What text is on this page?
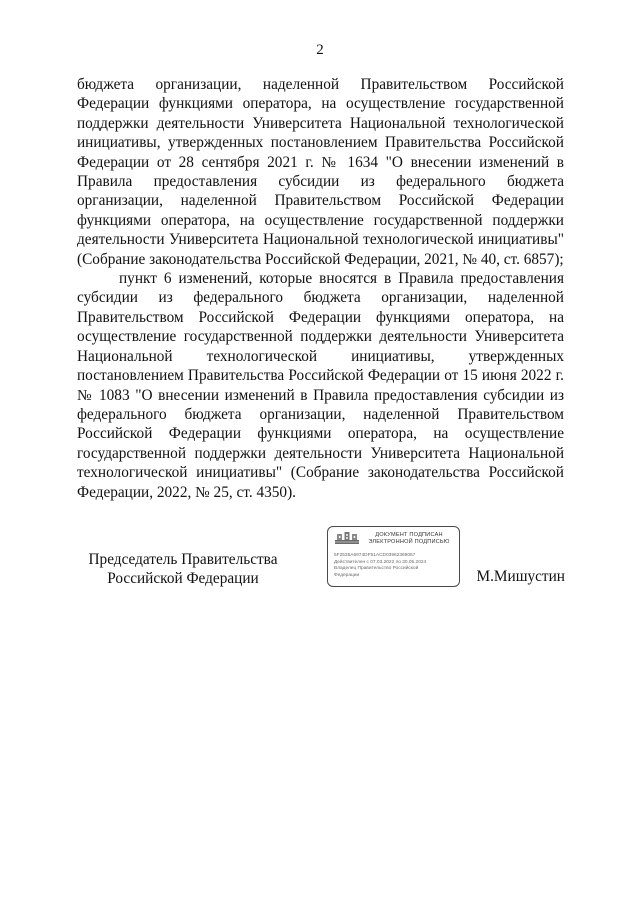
2

бюджета организации, наделенной Правительством Российской Федерации функциями оператора, на осуществление государственной поддержки деятельности Университета Национальной технологической инициативы, утвержденных постановлением Правительства Российской Федерации от 28 сентября 2021 г. № 1634 "О внесении изменений в Правила предоставления субсидии из федерального бюджета организации, наделенной Правительством Российской Федерации функциями оператора, на осуществление государственной поддержки деятельности Университета Национальной технологической инициативы" (Собрание законодательства Российской Федерации, 2021, № 40, ст. 6857);

пункт 6 изменений, которые вносятся в Правила предоставления субсидии из федерального бюджета организации, наделенной Правительством Российской Федерации функциями оператора, на осуществление государственной поддержки деятельности Университета Национальной технологической инициативы, утвержденных постановлением Правительства Российской Федерации от 15 июня 2022 г. № 1083 "О внесении изменений в Правила предоставления субсидии из федерального бюджета организации, наделенной Правительством Российской Федерации функциями оператора, на осуществление государственной поддержки деятельности Университета Национальной технологической инициативы" (Собрание законодательства Российской Федерации, 2022, № 25, ст. 4350).

Председатель Правительства
Российской Федерации
ДОКУМЕНТ ПОДПИСАН
ЭЛЕКТРОННОЙ ПОДПИСЬЮ
5F2535A6974DF51ACD03962369057
Действителен с 07.03.2022 по 30.05.2024
Владелец Правительство Российской
Федерации	М.Мишустин
